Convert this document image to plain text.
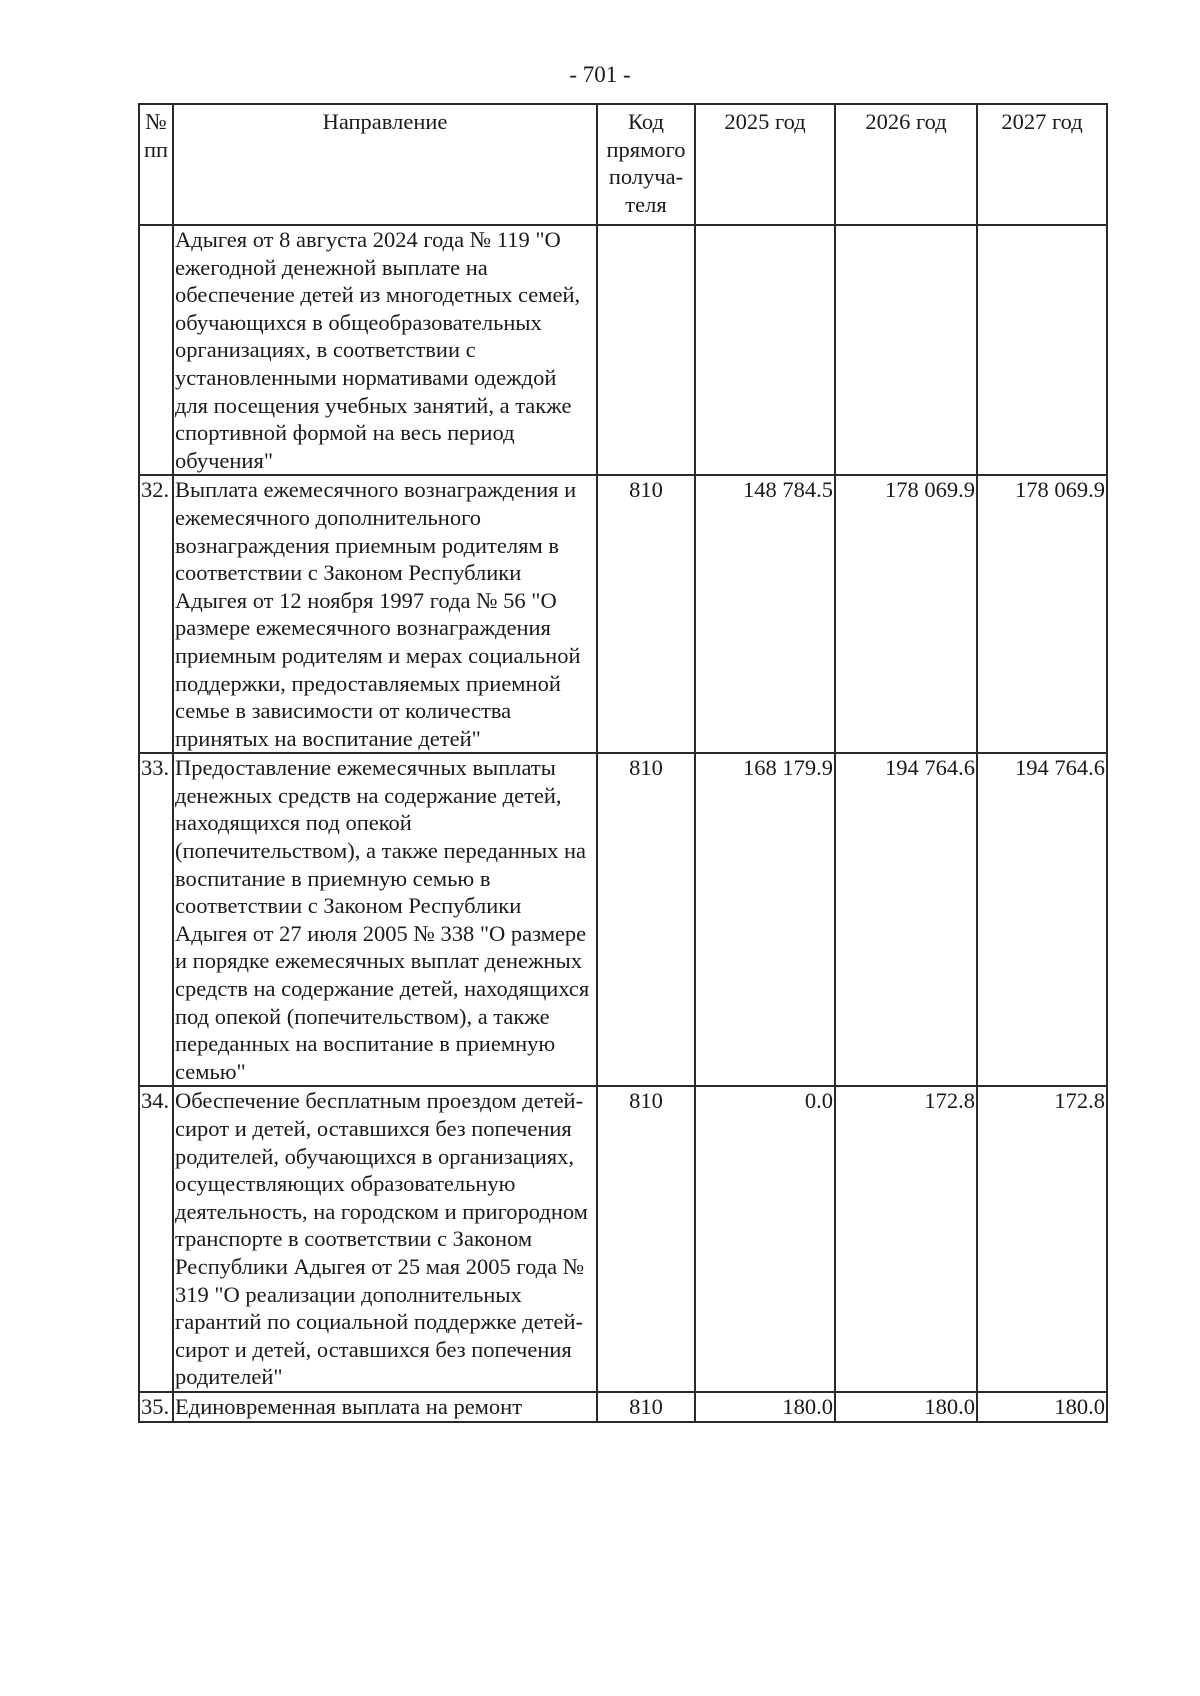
- 701 -
№ пп	Направление	Код прямого получа-теля	2025 год	2026 год	2027 год
	Адыгея от 8 августа 2024 года № 119 "О ежегодной денежной выплате на обеспечение детей из многодетных семей, обучающихся в общеобразовательных организациях, в соответствии с установленными нормативами одеждой для посещения учебных занятий, а также спортивной формой на весь период обучения"				
32.	Выплата ежемесячного вознаграждения и ежемесячного дополнительного вознаграждения приемным родителям в соответствии с Законом Республики Адыгея от 12 ноября 1997 года № 56 "О размере ежемесячного вознаграждения приемным родителям и мерах социальной поддержки, предоставляемых приемной семье в зависимости от количества принятых на воспитание детей"	810	148 784.5	178 069.9	178 069.9
33.	Предоставление ежемесячных выплаты денежных средств на содержание детей, находящихся под опекой (попечительством), а также переданных на воспитание в приемную семью в соответствии с Законом Республики Адыгея от 27 июля 2005 № 338 "О размере и порядке ежемесячных выплат денежных средств на содержание детей, находящихся под опекой (попечительством), а также переданных на воспитание в приемную семью"	810	168 179.9	194 764.6	194 764.6
34.	Обеспечение бесплатным проездом детей-сирот и детей, оставшихся без попечения родителей, обучающихся в организациях, осуществляющих образовательную деятельность, на городском и пригородном транспорте в соответствии с Законом Республики Адыгея от 25 мая 2005 года № 319 "О реализации дополнительных гарантий по социальной поддержке детей-сирот и детей, оставшихся без попечения родителей"	810	0.0	172.8	172.8
35.	Единовременная выплата на ремонт	810	180.0	180.0	180.0
